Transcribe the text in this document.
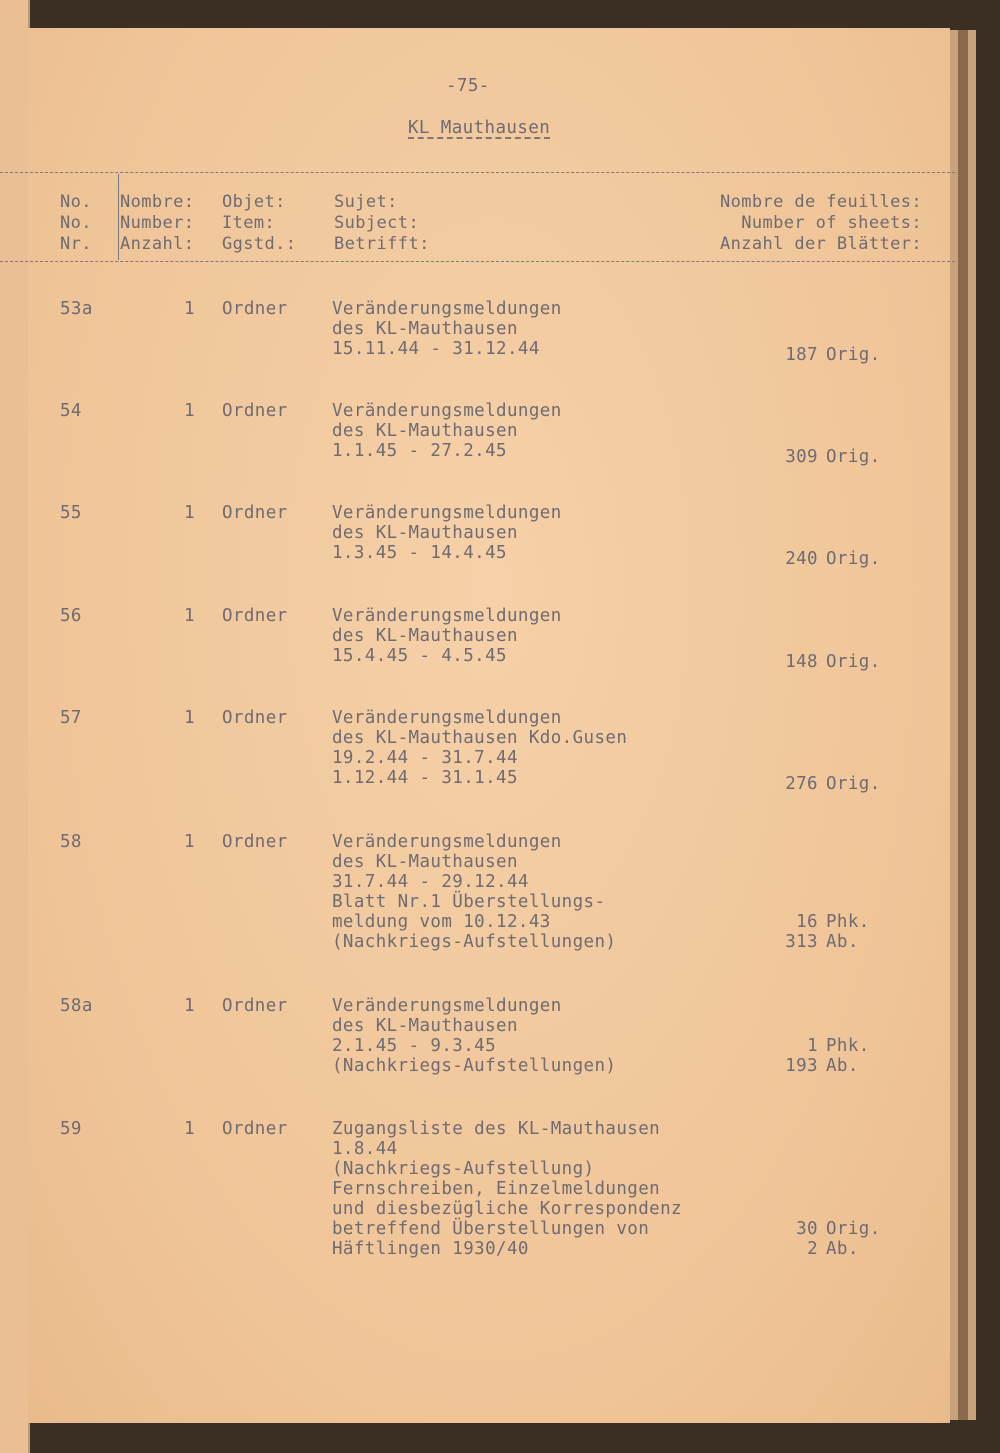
-75-
KL Mauthausen
No. Nombre: Objet:	Sujet:	Nombre de feuilles:
No. Number: Item:	Subject:	Number of sheets:
Nr. Anzahl: Ggstd.: Betrifft:	Anzahl der Blätter:
53a	1 Ordner	Veränderungsmeldungen
des KL-Mauthausen
15.11.44 - 31.12.44	187 Orig.
54	1 Ordner	Veränderungsmeldungen
des KL-Mauthausen
1.1.45 - 27.2.45	309 Orig.
55	1 Ordner	Veränderungsmeldungen
des KL-Mauthausen
1.3.45 - 14.4.45	240 Orig.
56	1 Ordner	Veränderungsmeldungen
des KL-Mauthausen
15.4.45 - 4.5.45	148 Orig.
57	1 Ordner	Veränderungsmeldungen
des KL-Mauthausen Kdo.Gusen
19.2.44 - 31.7.44
1.12.44 - 31.1.45	276 Orig.
58	1 Ordner	Veränderungsmeldungen
des KL-Mauthausen
31.7.44 - 29.12.44
Blatt Nr.1 Überstellungs-
meldung vom 10.12.43
(Nachkriegs-Aufstellungen)
16 Phk.
313 Ab.
58a	1 Ordner	Veränderungsmeldungen
des KL-Mauthausen
2.1.45 - 9.3.45
(Nachkriegs-Aufstellungen)
1 Phk.
193 Ab.
59	1 Ordner	Zugangsliste des KL-Mauthausen
1.8.44
(Nachkriegs-Aufstellung)
Fernschreiben, Einzelmeldungen
und diesbezügliche Korrespondenz
betreffend Überstellungen von
Häftlingen 1930/40
30 Orig.
2 Ab.
